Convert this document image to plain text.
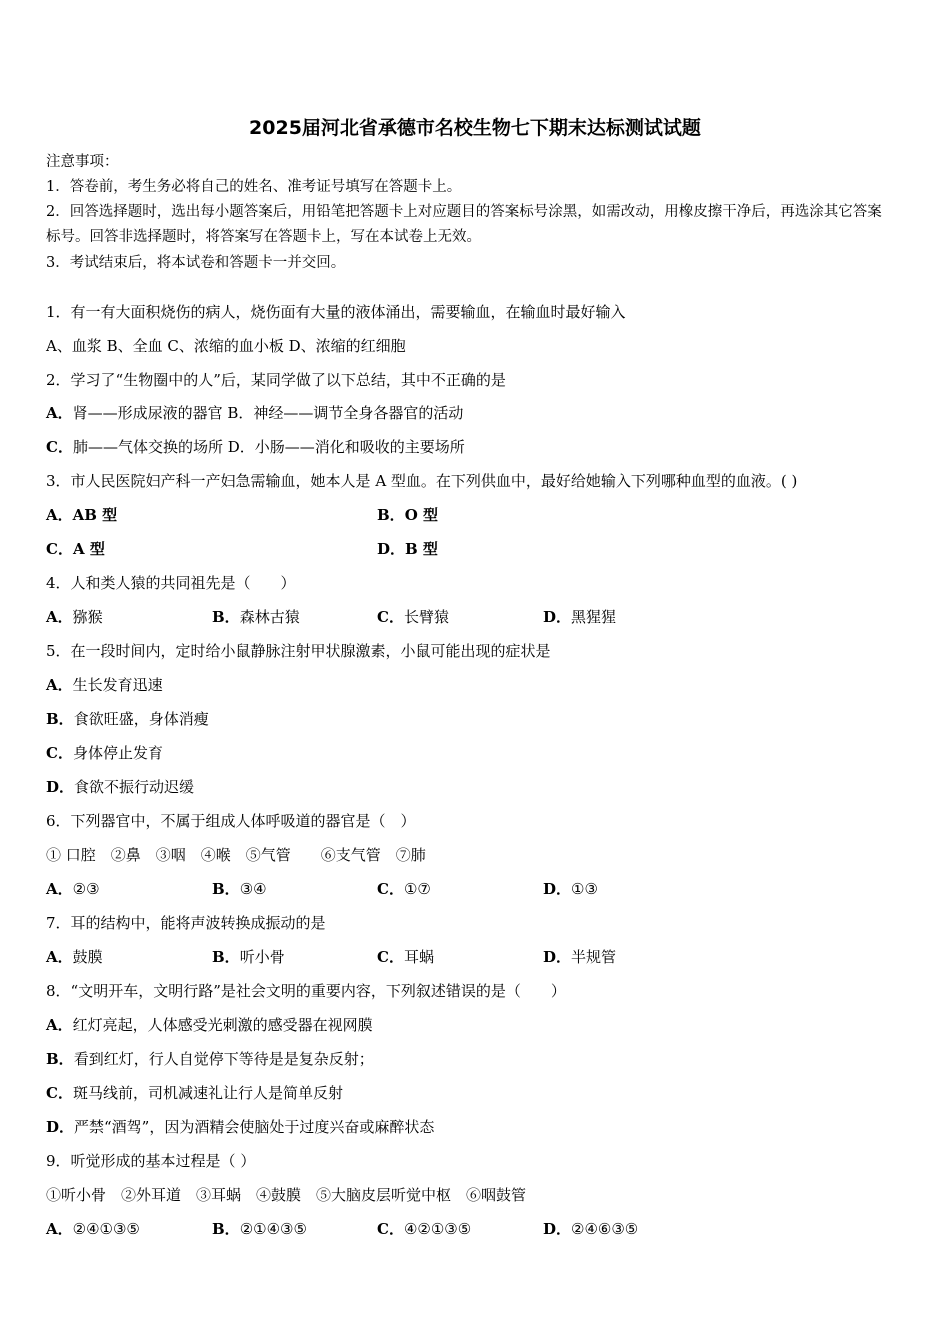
2025届河北省承德市名校生物七下期末达标测试试题
注意事项：
1．答卷前，考生务必将自己的姓名、准考证号填写在答题卡上。
2．回答选择题时，选出每小题答案后，用铅笔把答题卡上对应题目的答案标号涂黑，如需改动，用橡皮擦干净后，再选涂其它答案标号。回答非选择题时，将答案写在答题卡上，写在本试卷上无效。
3．考试结束后，将本试卷和答题卡一并交回。
1．有一有大面积烧伤的病人，烧伤面有大量的液体涌出，需要输血，在输血时最好输入
A、血浆 B、全血 C、浓缩的血小板 D、浓缩的红细胞
2．学习了“生物圈中的人”后，某同学做了以下总结，其中不正确的是
A．肾——形成尿液的器官 B．神经——调节全身各器官的活动
C．肺——气体交换的场所 D．小肠——消化和吸收的主要场所
3．市人民医院妇产科一产妇急需输血，她本人是 A 型血。在下列供血中，最好给她输入下列哪种血型的血液。( )
A．AB 型	B．O 型
C．A 型	D．B 型
4．人和类人猿的共同祖先是（　　）
A．猕猴	B．森林古猿	C．长臂猿	D．黑猩猩
5．在一段时间内，定时给小鼠静脉注射甲状腺激素，小鼠可能出现的症状是
A．生长发育迅速
B．食欲旺盛，身体消瘦
C．身体停止发育
D．食欲不振行动迟缓
6．下列器官中，不属于组成人体呼吸道的器官是（　）
① 口腔　②鼻　③咽　④喉　⑤气管　　⑥支气管　⑦肺
A．②③	B．③④	C．①⑦	D．①③
7．耳的结构中，能将声波转换成振动的是
A．鼓膜	B．听小骨	C．耳蜗	D．半规管
8．“文明开车，文明行路”是社会文明的重要内容，下列叙述错误的是（　　）
A．红灯亮起，人体感受光刺激的感受器在视网膜
B．看到红灯，行人自觉停下等待是是复杂反射；
C．斑马线前，司机减速礼让行人是简单反射
D．严禁“酒驾”，因为酒精会使脑处于过度兴奋或麻醉状态
9．听觉形成的基本过程是（ ）
①听小骨　②外耳道　③耳蜗　④鼓膜　⑤大脑皮层听觉中枢　⑥咽鼓管
A．②④①③⑤	B．②①④③⑤	C．④②①③⑤	D．②④⑥③⑤
